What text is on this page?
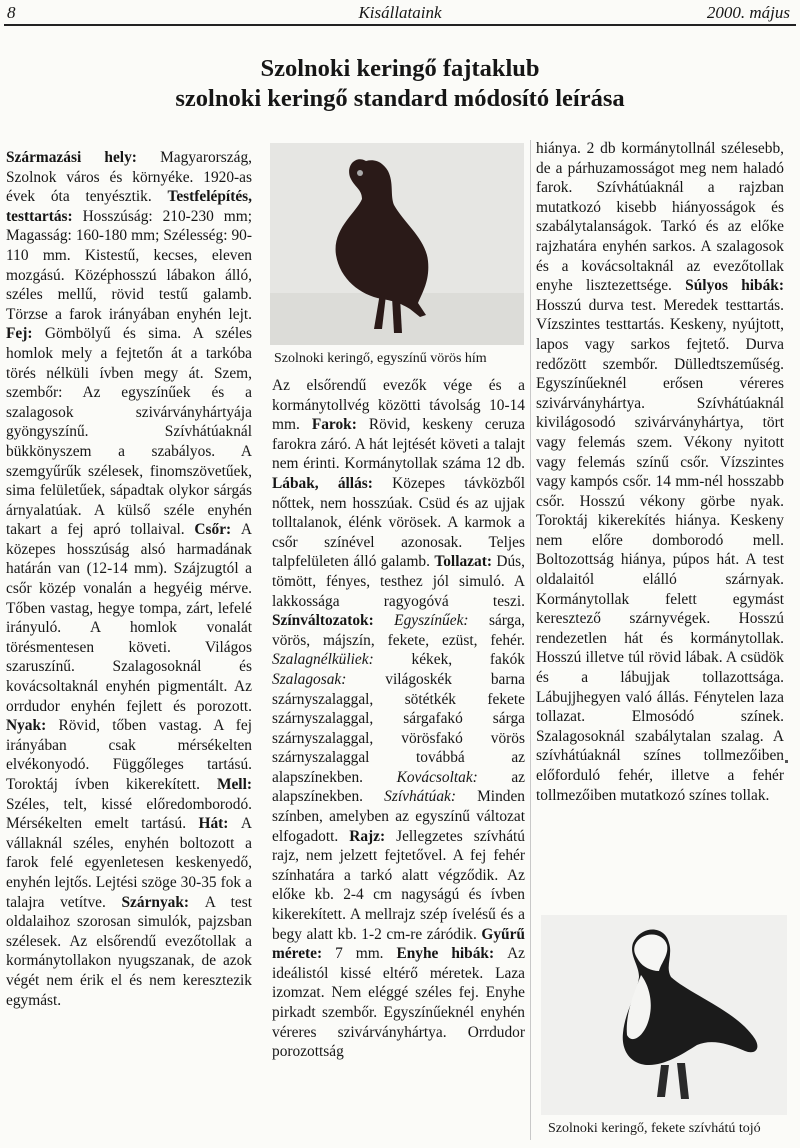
8	Kisállataink	2000. május
Szolnoki keringő fajtaklub
szolnoki keringő standard módosító leírása
Származási hely: Magyarország, Szolnok város és környéke. 1920-as évek óta tenyésztik. Testfelépítés, testtartás: Hosszúság: 210-230 mm; Magasság: 160-180 mm; Szélesség: 90-110 mm. Kistestű, kecses, eleven mozgású. Középhosszú lábakon álló, széles mellű, rövid testű galamb. Törzse a farok irányában enyhén lejt. Fej: Gömbölyű és sima. A széles homlok mely a fejtetőn át a tarkóba törés nélküli ívben megy át. Szem, szembőr: Az egyszínűek és a szalagosok szivárványhártyája gyöngyszínű. Szívhátúaknál bükkönyszem a szabályos. A szemgyűrűk szélesek, finomszövetűek, sima felületűek, sápadtak olykor sárgás árnyalatúak. A külső széle enyhén takart a fej apró tollaival. Csőr: A közepes hosszúság alsó harmadának határán van (12-14 mm). Szájzugtól a csőr közép vonalán a hegyéig mérve. Tőben vastag, hegye tompa, zárt, lefelé irányuló. A homlok vonalát törésmentesen követi. Világos szaruszínű. Szalagosoknál és kovácsoltaknál enyhén pigmentált. Az orrdudor enyhén fejlett és porozott. Nyak: Rövid, tőben vastag. A fej irányában csak mérsékelten elvékonyodó. Függőleges tartású. Toroktáj ívben kikerekített. Mell: Széles, telt, kissé előredomborodó. Mérsékelten emelt tartású. Hát: A vállaknál széles, enyhén boltozott a farok felé egyenletesen keskenyedő, enyhén lejtős. Lejtési szöge 30-35 fok a talajra vetítve. Szárnyak: A test oldalaihoz szorosan simulók, pajzsban szélesek. Az elsőrendű evezőtollak a kormánytollakon nyugszanak, de azok végét nem érik el és nem keresztezik egymást.
Szolnoki keringő, egyszínű vörös hím
Az elsőrendű evezők vége és a kormánytollvég közötti távolság 10-14 mm. Farok: Rövid, keskeny ceruza farokra záró. A hát lejtését követi a talajt nem érinti. Kormánytollak száma 12 db. Lábak, állás: Közepes távközből nőttek, nem hosszúak. Csüd és az ujjak tolltalanok, élénk vörösek. A karmok a csőr színével azonosak. Teljes talpfelületen álló galamb. Tollazat: Dús, tömött, fényes, testhez jól simuló. A lakkossága ragyogóvá teszi. Színváltozatok: Egyszínűek: sárga, vörös, májszín, fekete, ezüst, fehér. Szalagnélküliek: kékek, fakók Szalagosak: világoskék barna szárnyszalaggal, sötétkék fekete szárnyszalaggal, sárgafakó sárga szárnyszalaggal, vörösfakó vörös szárnyszalaggal továbbá az alapszínekben. Kovácsoltak: az alapszínekben. Szívhátúak: Minden színben, amelyben az egyszínű változat elfogadott. Rajz: Jellegzetes szívhátú rajz, nem jelzett fejtetővel. A fej fehér színhatára a tarkó alatt végződik. Az előke kb. 2-4 cm nagyságú és ívben kikerekített. A mellrajz szép ívelésű és a begy alatt kb. 1-2 cm-re záródik. Gyűrű mérete: 7 mm. Enyhe hibák: Az ideálistól kissé eltérő méretek. Laza izomzat. Nem eléggé széles fej. Enyhe pirkadt szembőr. Egyszínűeknél enyhén véreres szivárványhártya. Orrdudor porozottság
hiánya. 2 db kormánytollnál szélesebb, de a párhuzamosságot meg nem haladó farok. Szívhátúaknál a rajzban mutatkozó kisebb hiányosságok és szabálytalanságok. Tarkó és az előke rajzhatára enyhén sarkos. A szalagosok és a kovácsoltaknál az evezőtollak enyhe lisztezettsége. Súlyos hibák: Hosszú durva test. Meredek testtartás. Vízszintes testtartás. Keskeny, nyújtott, lapos vagy sarkos fejtető. Durva redőzött szembőr. Dülledtszeműség. Egyszínűeknél erősen véreres szivárványhártya. Szívhátúaknál kivilágosodó szivárványhártya, tört vagy felemás szem. Vékony nyitott vagy felemás színű csőr. Vízszintes vagy kampós csőr. 14 mm-nél hosszabb csőr. Hosszú vékony görbe nyak. Toroktáj kikerekítés hiánya. Keskeny nem előre domborodó mell. Boltozottság hiánya, púpos hát. A test oldalaitól elálló szárnyak. Kormánytollak felett egymást keresztező szárnyvégek. Hosszú rendezetlen hát és kormánytollak. Hosszú illetve túl rövid lábak. A csüdök és a lábujjak tollazottsága. Lábujjhegyen való állás. Fénytelen laza tollazat. Elmosódó színek. Szalagosoknál szabálytalan szalag. A szívhátúaknál színes tollmezőiben előforduló fehér, illetve a fehér tollmezőiben mutatkozó színes tollak.
Szolnoki keringő, fekete szívhátú tojó
